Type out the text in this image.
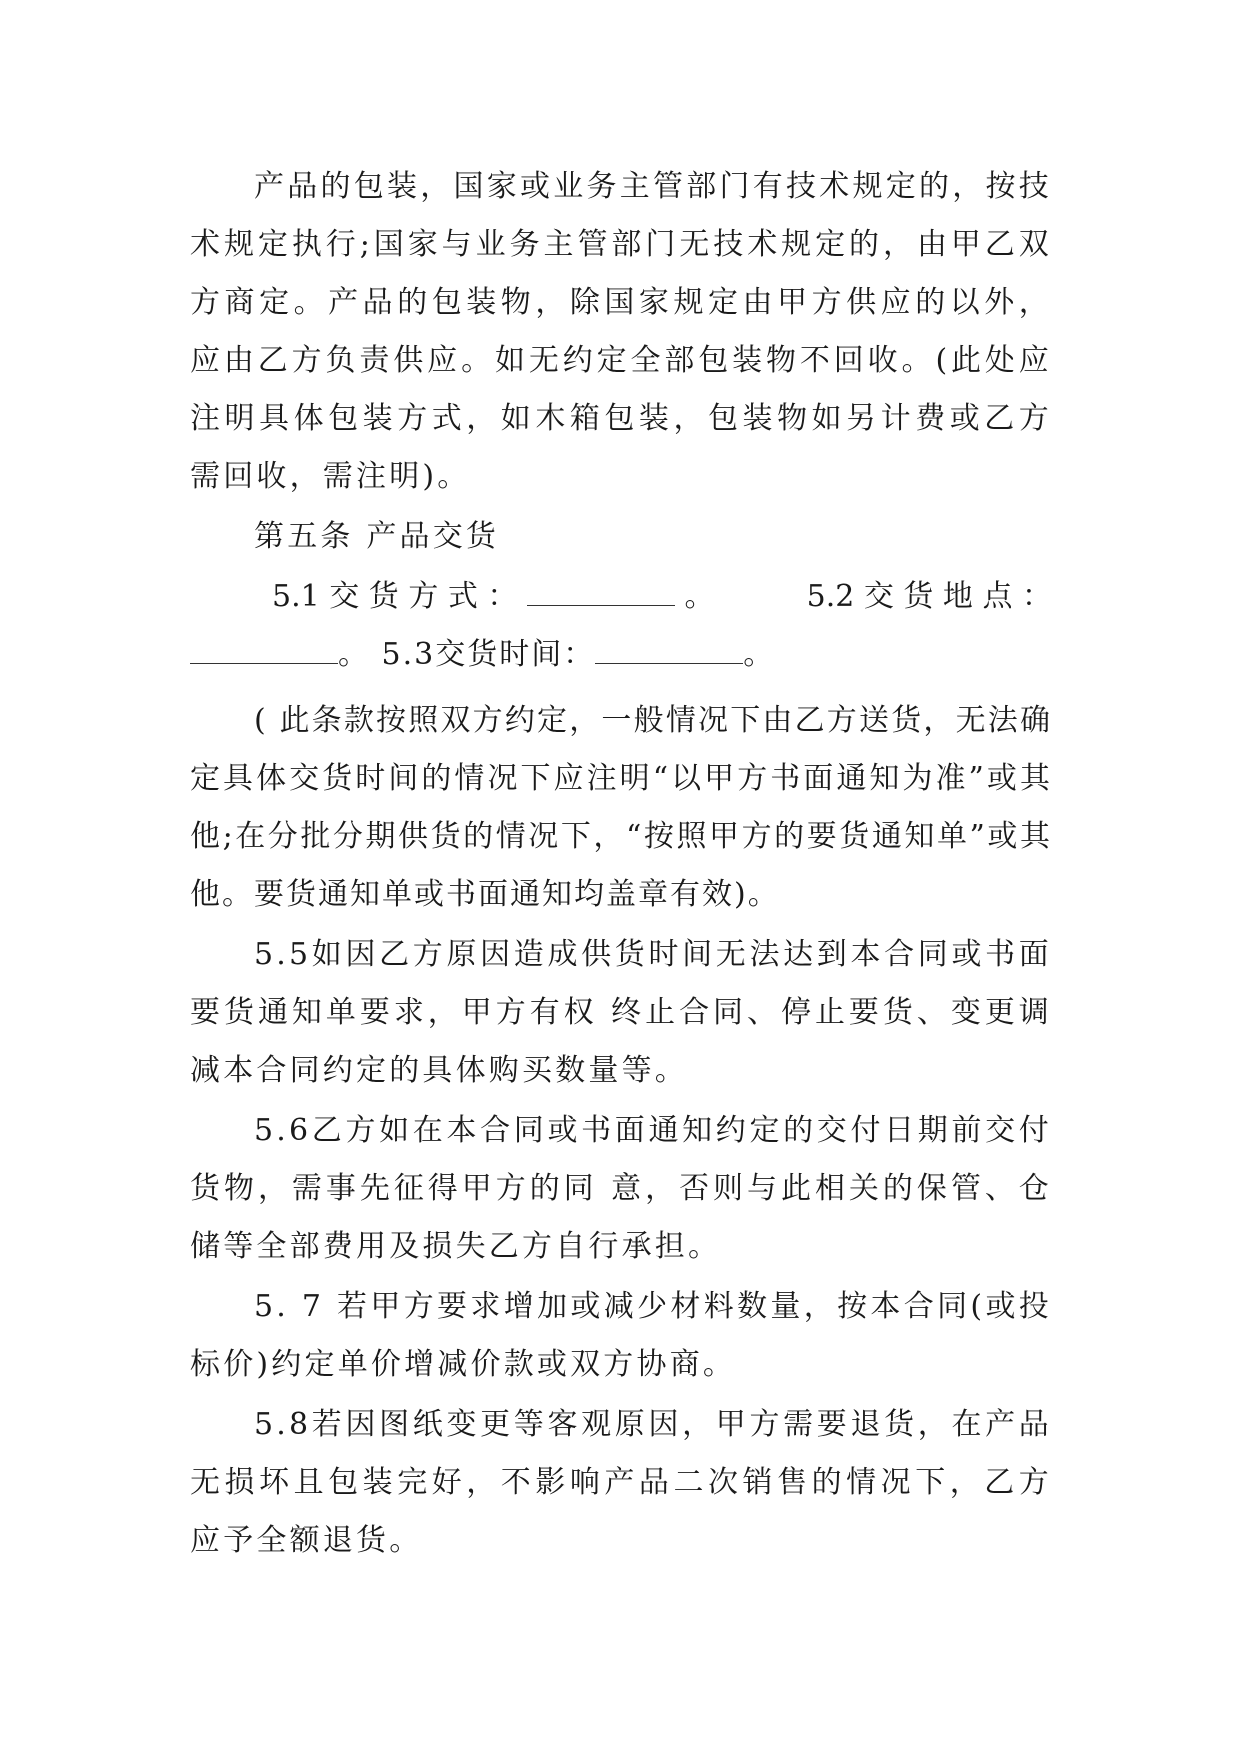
产品的包装，国家或业务主管部门有技术规定的，按技术规定执行;国家与业务主管部门无技术规定的，由甲乙双方商定。产品的包装物，除国家规定由甲方供应的以外，应由乙方负责供应。如无约定全部包装物不回收。(此处应注明具体包装方式，如木箱包装，包装物如另计费或乙方需回收，需注明)。

第五条 产品交货

5.1 交 货 方 式 ：	。	5.2 交 货 地 点 ：
。 5.3交货时间：	。

( 此条款按照双方约定，一般情况下由乙方送货，无法确定具体交货时间的情况下应注明“以甲方书面通知为准”或其他;在分批分期供货的情况下，“按照甲方的要货通知单”或其他。要货通知单或书面通知均盖章有效)。

5.5如因乙方原因造成供货时间无法达到本合同或书面要货通知单要求，甲方有权 终止合同、停止要货、变更调减本合同约定的具体购买数量等。

5.6乙方如在本合同或书面通知约定的交付日期前交付货物，需事先征得甲方的同 意，否则与此相关的保管、仓储等全部费用及损失乙方自行承担。

5. 7 若甲方要求增加或减少材料数量，按本合同(或投标价)约定单价增减价款或双方协商。

5.8若因图纸变更等客观原因，甲方需要退货，在产品无损坏且包装完好，不影响产品二次销售的情况下，乙方应予全额退货。
